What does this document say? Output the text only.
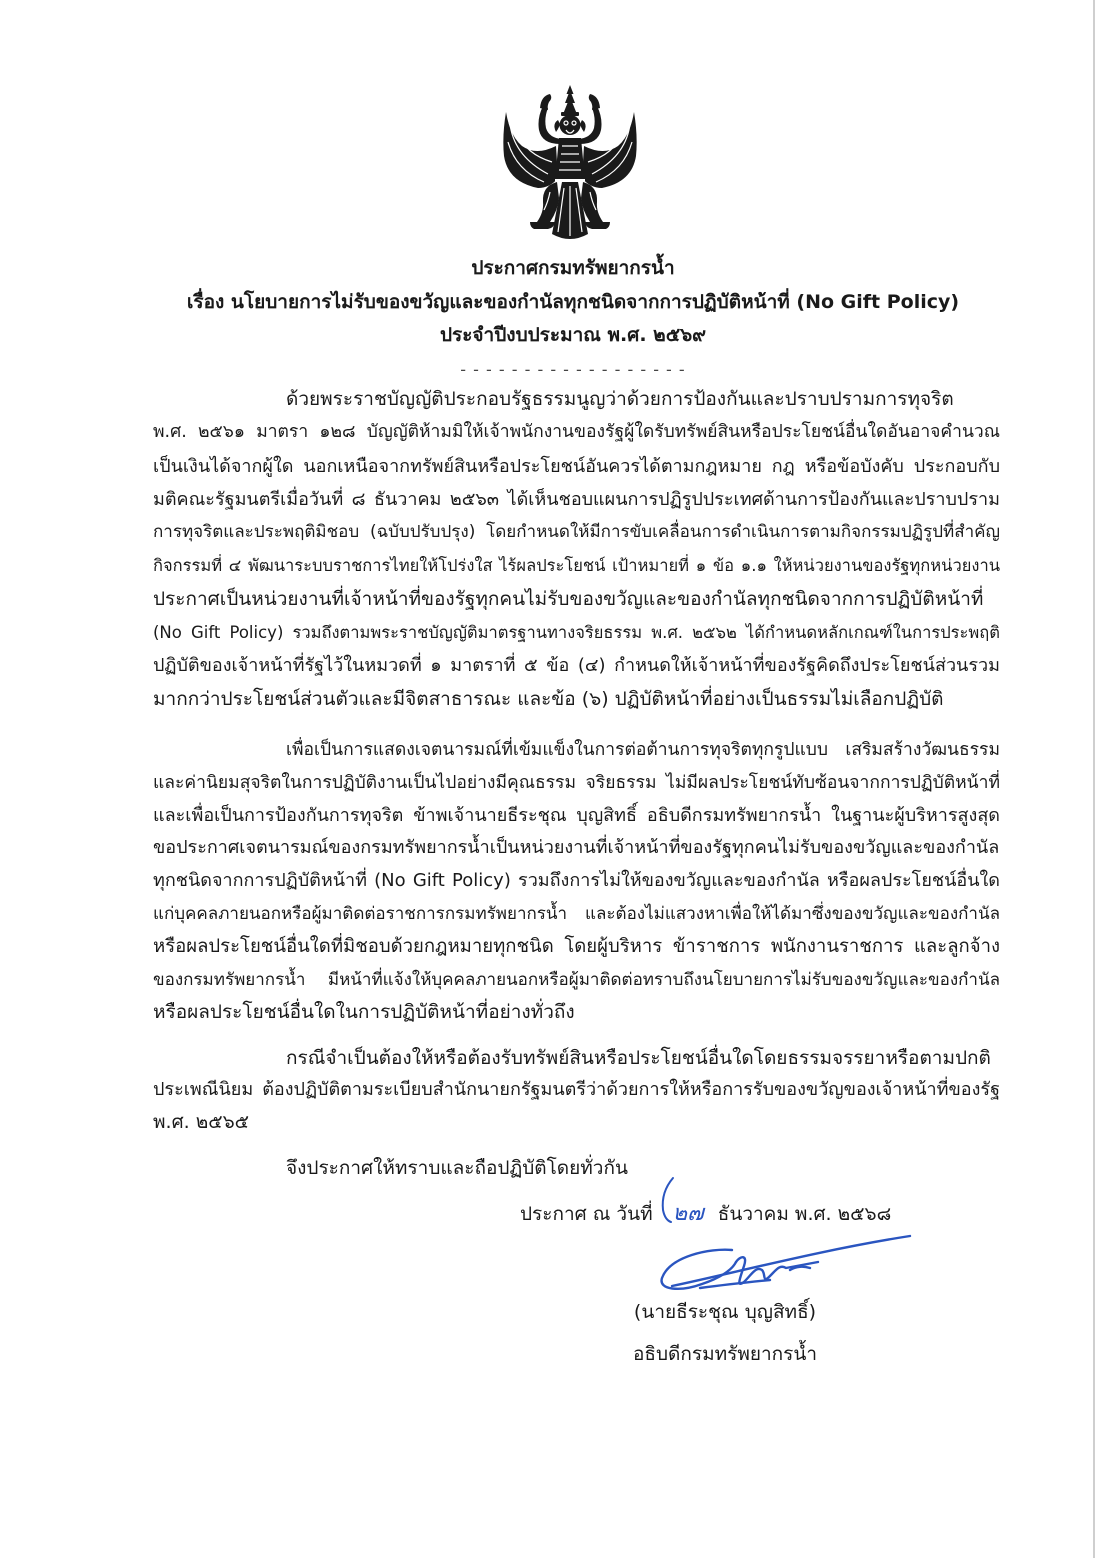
ประกาศกรมทรัพยากรน้ำ
เรื่อง นโยบายการไม่รับของขวัญและของกำนัลทุกชนิดจากการปฏิบัติหน้าที่ (No Gift Policy)
ประจำปีงบประมาณ พ.ศ. ๒๕๖๙
- - - - - - - - - - - - - - - - - -
ด้วยพระราชบัญญัติประกอบรัฐธรรมนูญว่าด้วยการป้องกันและปราบปรามการทุจริต
พ.ศ. ๒๕๖๑ มาตรา ๑๒๘ บัญญัติห้ามมิให้เจ้าพนักงานของรัฐผู้ใดรับทรัพย์สินหรือประโยชน์อื่นใดอันอาจคำนวณ
เป็นเงินได้จากผู้ใด นอกเหนือจากทรัพย์สินหรือประโยชน์อันควรได้ตามกฎหมาย กฎ หรือข้อบังคับ ประกอบกับ
มติคณะรัฐมนตรีเมื่อวันที่ ๘ ธันวาคม ๒๕๖๓ ได้เห็นชอบแผนการปฏิรูปประเทศด้านการป้องกันและปราบปราม
การทุจริตและประพฤติมิชอบ (ฉบับปรับปรุง) โดยกำหนดให้มีการขับเคลื่อนการดำเนินการตามกิจกรรมปฏิรูปที่สำคัญ
กิจกรรมที่ ๔ พัฒนาระบบราชการไทยให้โปร่งใส ไร้ผลประโยชน์ เป้าหมายที่ ๑ ข้อ ๑.๑ ให้หน่วยงานของรัฐทุกหน่วยงาน
ประกาศเป็นหน่วยงานที่เจ้าหน้าที่ของรัฐทุกคนไม่รับของขวัญและของกำนัลทุกชนิดจากการปฏิบัติหน้าที่
(No Gift Policy) รวมถึงตามพระราชบัญญัติมาตรฐานทางจริยธรรม พ.ศ. ๒๕๖๒ ได้กำหนดหลักเกณฑ์ในการประพฤติ
ปฏิบัติของเจ้าหน้าที่รัฐไว้ในหมวดที่ ๑ มาตราที่ ๕ ข้อ (๔) กำหนดให้เจ้าหน้าที่ของรัฐคิดถึงประโยชน์ส่วนรวม
มากกว่าประโยชน์ส่วนตัวและมีจิตสาธารณะ และข้อ (๖) ปฏิบัติหน้าที่อย่างเป็นธรรมไม่เลือกปฏิบัติ
เพื่อเป็นการแสดงเจตนารมณ์ที่เข้มแข็งในการต่อต้านการทุจริตทุกรูปแบบ เสริมสร้างวัฒนธรรม
และค่านิยมสุจริตในการปฏิบัติงานเป็นไปอย่างมีคุณธรรม จริยธรรม ไม่มีผลประโยชน์ทับซ้อนจากการปฏิบัติหน้าที่
และเพื่อเป็นการป้องกันการทุจริต ข้าพเจ้านายธีระชุณ บุญสิทธิ์ อธิบดีกรมทรัพยากรน้ำ ในฐานะผู้บริหารสูงสุด
ขอประกาศเจตนารมณ์ของกรมทรัพยากรน้ำเป็นหน่วยงานที่เจ้าหน้าที่ของรัฐทุกคนไม่รับของขวัญและของกำนัล
ทุกชนิดจากการปฏิบัติหน้าที่ (No Gift Policy) รวมถึงการไม่ให้ของขวัญและของกำนัล หรือผลประโยชน์อื่นใด
แก่บุคคลภายนอกหรือผู้มาติดต่อราชการกรมทรัพยากรน้ำ และต้องไม่แสวงหาเพื่อให้ได้มาซึ่งของขวัญและของกำนัล
หรือผลประโยชน์อื่นใดที่มิชอบด้วยกฎหมายทุกชนิด โดยผู้บริหาร ข้าราชการ พนักงานราชการ และลูกจ้าง
ของกรมทรัพยากรน้ำ มีหน้าที่แจ้งให้บุคคลภายนอกหรือผู้มาติดต่อทราบถึงนโยบายการไม่รับของขวัญและของกำนัล
หรือผลประโยชน์อื่นใดในการปฏิบัติหน้าที่อย่างทั่วถึง
กรณีจำเป็นต้องให้หรือต้องรับทรัพย์สินหรือประโยชน์อื่นใดโดยธรรมจรรยาหรือตามปกติ
ประเพณีนิยม ต้องปฏิบัติตามระเบียบสำนักนายกรัฐมนตรีว่าด้วยการให้หรือการรับของขวัญของเจ้าหน้าที่ของรัฐ
พ.ศ. ๒๕๖๕
จึงประกาศให้ทราบและถือปฏิบัติโดยทั่วกัน
ประกาศ ณ วันที่ ๒๗ ธันวาคม พ.ศ. ๒๕๖๘
(นายธีระชุณ บุญสิทธิ์)
อธิบดีกรมทรัพยากรน้ำ
